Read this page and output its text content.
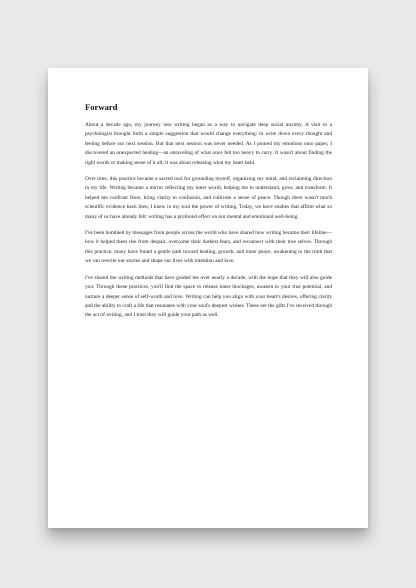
Forward

About a decade ago, my journey into writing began as a way to navigate deep social anxiety. A visit to a psychologist brought forth a simple suggestion that would change everything: to write down every thought and feeling before our next session. But that next session was never needed. As I poured my emotions onto paper, I discovered an unexpected healing—an unraveling of what once felt too heavy to carry. It wasn't about finding the right words or making sense of it all; it was about releasing what my heart held.

Over time, this practice became a sacred tool for grounding myself, organizing my mind, and reclaiming direction in my life. Writing became a mirror reflecting my inner world, helping me to understand, grow, and transform. It helped me confront fears, bring clarity to confusion, and cultivate a sense of peace. Though there wasn't much scientific evidence back then, I knew in my soul the power of writing. Today, we have studies that affirm what so many of us have already felt: writing has a profound effect on our mental and emotional well-being.

I've been humbled by messages from people across the world who have shared how writing became their lifeline—how it helped them rise from despair, overcome their darkest fears, and reconnect with their true selves. Through this practice, many have found a gentle path toward healing, growth, and inner peace, awakening to the truth that we can rewrite our stories and shape our lives with intention and love.

I've shared the writing methods that have guided me over nearly a decade, with the hope that they will also guide you. Through these practices, you'll find the space to release inner blockages, awaken to your true potential, and nurture a deeper sense of self-worth and love. Writing can help you align with your heart's desires, offering clarity and the ability to craft a life that resonates with your soul's deepest wishes. These are the gifts I've received through the act of writing, and I trust they will guide your path as well.
